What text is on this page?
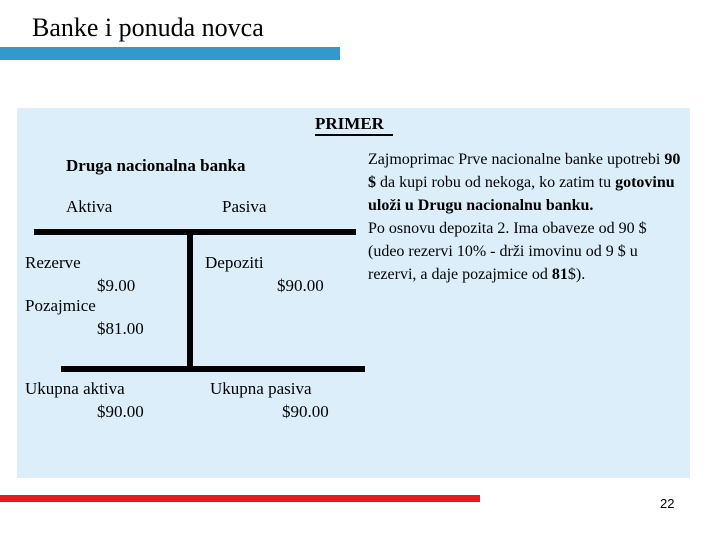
Banke i ponuda novca
PRIMER
Druga nacionalna banka
Aktiva	Pasiva
Rezerve
$9.00
Pozajmice
$81.00
Depoziti
$90.00
Ukupna aktiva
$90.00
Ukupna pasiva
$90.00
Zajmoprimac Prve nacionalne banke upotrebi 90 $ da kupi robu od nekoga, ko zatim tu gotovinu uloži u Drugu nacionalnu banku.
Po osnovu depozita 2. Ima obaveze od 90 $ (udeo rezervi 10% - drži imovinu od 9 $ u rezervi, a daje pozajmice od 81$).
22
